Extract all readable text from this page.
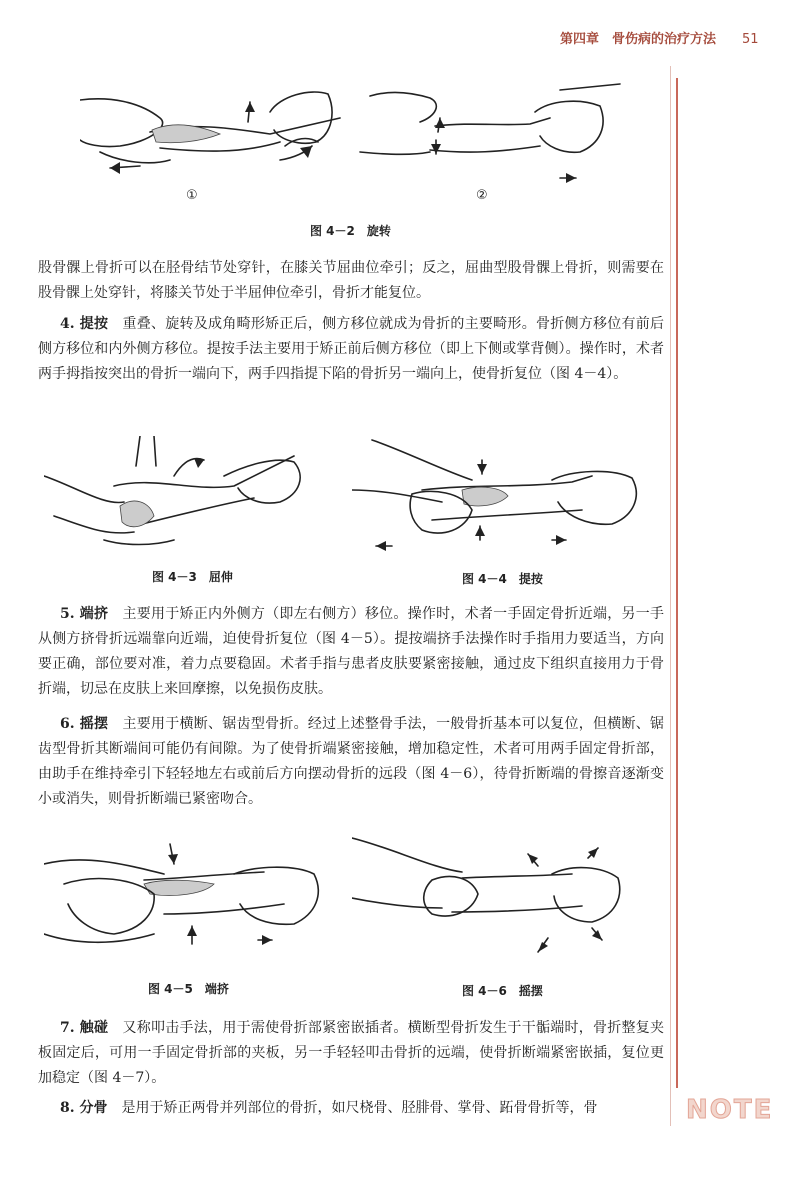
第四章　骨伤病的治疗方法 51
NOTE
①	②
图 4－2　旋转
股骨髁上骨折可以在胫骨结节处穿针，在膝关节屈曲位牵引；反之，屈曲型股骨髁上骨折，则需要在股骨髁上处穿针，将膝关节处于半屈伸位牵引，骨折才能复位。
4. 提按　重叠、旋转及成角畸形矫正后，侧方移位就成为骨折的主要畸形。骨折侧方移位有前后侧方移位和内外侧方移位。提按手法主要用于矫正前后侧方移位（即上下侧或掌背侧）。操作时，术者两手拇指按突出的骨折一端向下，两手四指提下陷的骨折另一端向上，使骨折复位（图 4－4）。
图 4－3　屈伸	图 4－4　提按
5. 端挤　主要用于矫正内外侧方（即左右侧方）移位。操作时，术者一手固定骨折近端，另一手从侧方挤骨折远端靠向近端，迫使骨折复位（图 4－5）。提按端挤手法操作时手指用力要适当，方向要正确，部位要对准，着力点要稳固。术者手指与患者皮肤要紧密接触，通过皮下组织直接用力于骨折端，切忌在皮肤上来回摩擦，以免损伤皮肤。
6. 摇摆　主要用于横断、锯齿型骨折。经过上述整骨手法，一般骨折基本可以复位，但横断、锯齿型骨折其断端间可能仍有间隙。为了使骨折端紧密接触，增加稳定性，术者可用两手固定骨折部，由助手在维持牵引下轻轻地左右或前后方向摆动骨折的远段（图 4－6），待骨折断端的骨擦音逐渐变小或消失，则骨折断端已紧密吻合。
图 4－5　端挤	图 4－6　摇摆
7. 触碰　又称叩击手法，用于需使骨折部紧密嵌插者。横断型骨折发生于干骺端时，骨折整复夹板固定后，可用一手固定骨折部的夹板，另一手轻轻叩击骨折的远端，使骨折断端紧密嵌插，复位更加稳定（图 4－7）。
8. 分骨　是用于矫正两骨并列部位的骨折，如尺桡骨、胫腓骨、掌骨、跖骨骨折等，骨
